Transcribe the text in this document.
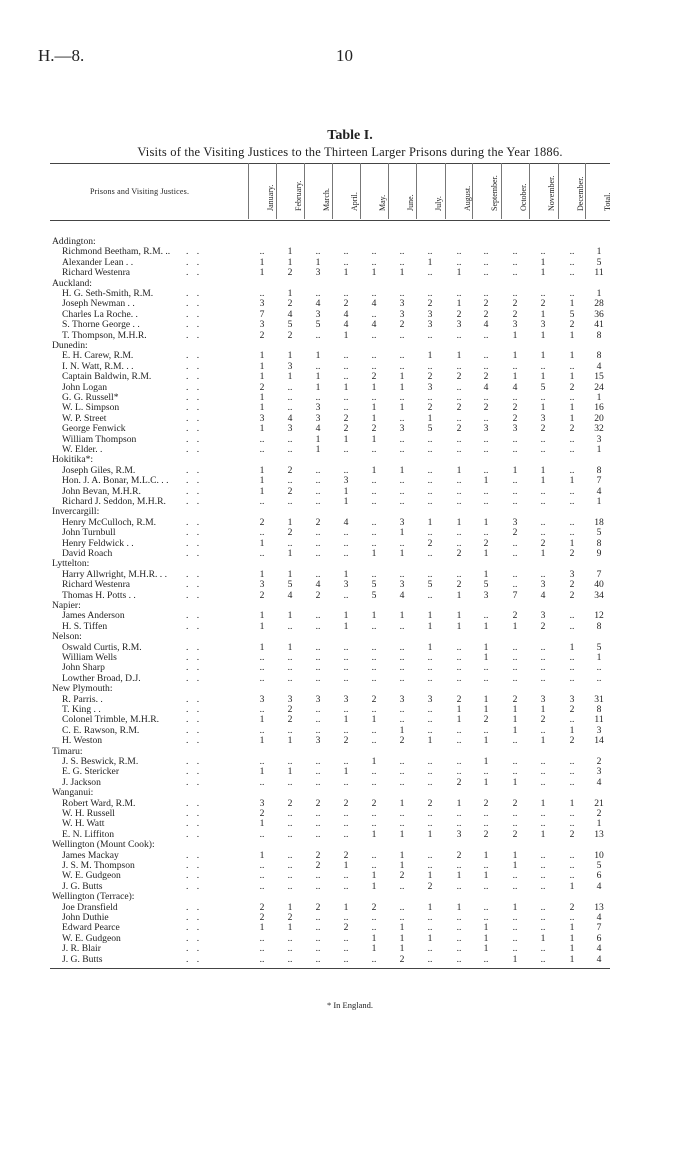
H.—8.	10
Table I.
Visits of the Visiting Justices to the Thirteen Larger Prisons during the Year 1886.
Prisons and Visiting Justices.	January. February. March. April. May. June. July.	August. September.	October. November.	December. Total.
Addington:
Richmond Beetham, R.M. .. . .	..	1	..	..	..	..	..	..	..	..	..	..	1
Alexander Lean . .	. .	1	1	1	..	..	..	1	..	..	..	1	..	5
Richard Westenra	. .	1	2	3	1	1	1	..	1	..	..	1	..	11
Auckland:
H. G. Seth-Smith, R.M.	. .	..	1	..	..	..	..	..	..	..	..	..	..	1
Joseph Newman . .	. .	3	2	4	2	4	3	2	1	2	2	2	1	28
Charles La Roche. .	. .	7	4	3	4	..	3	3	2	2	2	1	5	36
S. Thorne George . .	. .	3	5	5	4	4	2	3	3	4	3	3	2	41
T. Thompson, M.H.R.	. .	2	2	..	1	..	..	..	..	..	1	1	1	8
Dunedin:
E. H. Carew, R.M.	. .	1	1	1	..	..	..	1	1	..	1	1	1	8
I. N. Watt, R.M. . .	. .	1	3	..	..	..	..	..	..	..	..	..	..	4
Captain Baldwin, R.M.	. .	1	1	1	..	2	1	2	2	2	1	1	1	15
John Logan	. .	2	..	1	1	1	1	3	..	4	4	5	2	24
G. G. Russell*	. .	1	..	..	..	..	..	..	..	..	..	..	..	1
W. L. Simpson	. .	1	..	3	..	1	1	2	2	2	2	1	1	16
W. P. Street	. .	3	4	3	2	1	..	1	..	..	2	3	1	20
George Fenwick	. .	1	3	4	2	2	3	5	2	3	3	2	2	32
William Thompson	. .	..	..	1	1	1	..	..	..	..	..	..	..	3
W. Elder. .	. .	..	..	1	..	..	..	..	..	..	..	..	..	1
Hokitika*:
Joseph Giles, R.M.	. .	1	2	..	..	1	1	..	1	..	1	1	..	8
Hon. J. A. Bonar, M.L.C. . . . .	1	..	..	3	..	..	..	..	1	..	1	1	7
John Bevan, M.H.R.	. .	1	2	..	1	..	..	..	..	..	..	..	..	4
Richard J. Seddon, M.H.R. . .	..	..	..	1	..	..	..	..	..	..	..	..	1
Invercargill:
Henry McCulloch, R.M.	. .	2	1	2	4	..	3	1	1	1	3	..	..	18
John Turnbull	. .	..	2	..	..	..	1	..	..	..	2	..	..	5
Henry Feldwick . .	. .	1	..	..	..	..	..	2	..	2	..	2	1	8
David Roach	. .	..	1	..	..	1	1	..	2	1	..	1	2	9
Lyttelton:
Harry Allwright, M.H.R. . . . .	1	1	..	1	..	..	..	..	1	..	..	3	7
Richard Westenra	. .	3	5	4	3	5	3	5	2	5	..	3	2	40
Thomas H. Potts . .	. .	2	4	2	..	5	4	..	1	3	7	4	2	34
Napier:
James Anderson	. .	1	1	..	1	1	1	1	1	..	2	3	..	12
H. S. Tiffen	. .	1	..	..	1	..	..	1	1	1	1	2	..	8
Nelson:
Oswald Curtis, R.M.	. .	1	1	..	..	..	..	1	..	1	..	..	1	5
William Wells	. .	..	..	..	..	..	..	..	..	1	..	..	..	1
John Sharp	. .	..	..	..	..	..	..	..	..	..	..	..	..	..
Lowther Broad, D.J.	. .	..	..	..	..	..	..	..	..	..	..	..	..	..
New Plymouth:
R. Parris. .	. .	3	3	3	3	2	3	3	2	1	2	3	3	31
T. King . .	. .	..	2	..	..	..	..	..	1	1	1	1	2	8
Colonel Trimble, M.H.R.	. .	1	2	..	1	1	..	..	1	2	1	2	..	11
C. E. Rawson, R.M.	. .	..	..	..	..	..	1	..	..	..	1	..	1	3
H. Weston	. .	1	1	3	2	..	2	1	..	1	..	1	2	14
Timaru:
J. S. Beswick, R.M.	. .	..	..	..	..	1	..	..	..	1	..	..	..	2
E. G. Stericker	. .	1	1	..	1	..	..	..	..	..	..	..	..	3
J. Jackson	. .	..	..	..	..	..	..	..	2	1	1	..	..	4
Wanganui:
Robert Ward, R.M.	. .	3	2	2	2	2	1	2	1	2	2	1	1	21
W. H. Russell	. .	2	..	..	..	..	..	..	..	..	..	..	..	2
W. H. Watt	. .	1	..	..	..	..	..	..	..	..	..	..	..	1
E. N. Liffiton	. .	..	..	..	..	1	1	1	3	2	2	1	2	13
Wellington (Mount Cook):
James Mackay	. .	1	..	2	2	..	1	..	2	1	1	..	..	10
J. S. M. Thompson	. .	..	..	2	1	..	1	..	..	..	1	..	..	5
W. E. Gudgeon	. .	..	..	..	..	1	2	1	1	1	..	..	..	6
J. G. Butts	. .	..	..	..	..	1	..	2	..	..	..	..	1	4
Wellington (Terrace):
Joe Dransfield	. .	2	1	2	1	2	..	1	1	..	1	..	2	13
John Duthie	. .	2	2	..	..	..	..	..	..	..	..	..	..	4
Edward Pearce	. .	1	1	..	2	..	1	..	..	1	..	..	1	7
W. E. Gudgeon	. .	..	..	..	..	1	1	1	..	1	..	1	1	6
J. R. Blair	. .	..	..	..	..	1	1	..	..	1	..	..	1	4
J. G. Butts	. .	..	..	..	..	..	2	..	..	..	1	..	1	4
* In England.
